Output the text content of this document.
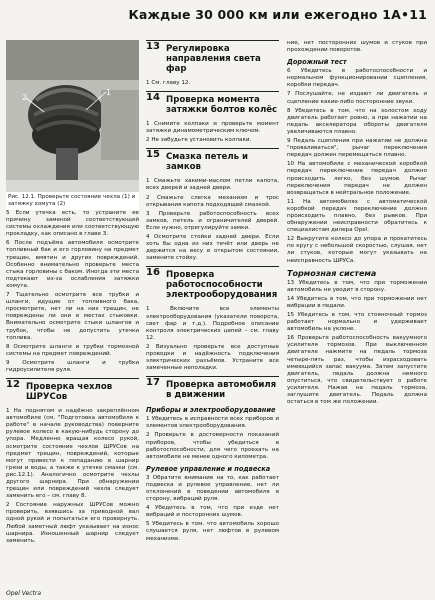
Каждые 30 000 км или ежегодно 1А•11
1
2
Рис. 12.1. Проверьте состояние чехла (1) и затяжку хомута (2)

5 Если утечка есть, то устраните ее причину заменой соответствующей системы охлаждения или соответствующую прокладку, как описано в главе 3.

6 После подъёма автомобиля осмотрите топливный бак и его горловину на предмет трещин, вмятин и других повреждений. Особенно внимательно проверьте места стыка горловины с баком. Иногда эти места подтекают из-за ослабления затяжки хомута.

7 Тщательно осмотрите все трубки и шланги, идущие от топливного бака, просмотрите, нет ли на них трещин, не повреждены ли они в местах стыковки. Внимательно осмотрите стыки шлангов и трубок, чтобы не допустить утечки топлива.

8 Осмотрите шланги и трубки тормозной системы на предмет повреждений.

9 Осмотрите шланги и трубки гидроусилителя руля.

12 Проверка чехлов ШРУСов

1 На поднятом и надёжно закреплённом автомобиле (см. "Подготовка автомобиля к работе" в начале руководства) поверните рулевое колесо в какую-нибудь сторону до упора. Медленно вращая колесо рукой, осмотрите состояние чехлов ШРУСов на предмет трещин, повреждений, которые могут привести к попаданию в шарнир грязи и воды, а также к утечке смазки (см. рис.12.1). Аналогично осмотрите чехлы другого шарнира. При обнаружении трещин или повреждений чехла следует заменить его – см. главу 8.

2 Состояние наружных ШРУСов можно проверить, взявшись за приводной вал одной рукой и попытаться его провернуть. Любой заметный люфт указывает на износ шарнира. Изношенный шарнир следует заменить.

13 Регулировка направления света фар

1 См. главу 12.

14 Проверка момента затяжки болтов колёс

1 Снимите колпаки и проверьте момент затяжки динамометрическим ключом.

2 Не забудьте установить колпаки.

15 Смазка петель и замков

1 Смажьте хакими-маслом петли капота, всех дверей и задней двери.

2 Смажьте слегка механизм и трос открывания капота подходящей смазкой.

3 Проверьте работоспособность всех замков, петель и ограничителей дверей. Если нужно, отрегулируйте замки.

4 Осмотрите стойки задней двери. Если хоть бы одна из них течёт или дверь не держится на весу в открытом состоянии, замените стойку.

16 Проверка работоспособности электрооборудования

1 Включите все элементы электрооборудования (указатели поворота, свет фар и т.д.). Подробное описание контроля электрических цепей – см. главу 12.

2 Визуально проверьте все доступные проводки и надёжность подключения электрических разъёмов. Устраните все замеченные неполадки.

17 Проверка автомобиля в движении
Приборы и электрооборудование

1 Убедитесь в исправности всех приборов и элементов электрооборудования.

2 Проверьте в достоверности показаний приборов, чтобы убедиться в работоспособности, для чего проехать на автомобиле не менее одного километра.

Рулевое управление и подвеска

3 Обратите внимание на то, как работает подвеска и рулевое управление, нет ли отклонений в поведении автомобиля в сторону, вибраций руля.

4 Убедитесь в том, что при езде нет вибраций и посторонних шумов.

5 Убедитесь в том, что автомобиль хорошо слушается руля, нет люфтов в рулевом механизме.

ние, нет посторонних шумов и стуков при прохождении поворотов.

Дорожный тест

6 Убедитесь в работоспособности и нормальном функционировании сцепления, коробки передач.

7 Послушайте, не издают ли двигатель и сцепление какие-либо посторонние звуки.

8 Убедитесь в том, что на холостом ходу двигатель работает ровно, а при нажатии на педаль акселератора обороты двигателя увеличиваются плавно.

9 Педаль сцепления при нажатии не должна "проваливаться", рычаг переключения передач должен перемещаться плавно.

10 На автомобиле с механической коробкой передач переключение передач должно происходить легко, без шумов. Рычаг переключения передач не должен возвращаться в нейтральное положение.

11 На автомобилях с автоматической коробкой передач переключение должно происходить плавно, без рывков. При обнаружении неисправности обратитесь к специалистам дилера Opel.

12 Выкрутите колесо до упора и прокатитесь по кругу с небольшой скоростью, слушая, нет ли стуков, которые могут указывать на неисправность ШРУСа.

Тормозная система

13 Убедитесь в том, что при торможении автомобиль не уводит в сторону.

14 Убедитесь в том, что при торможении нет вибрации в педали.

15 Убедитесь в том, что стояночный тормоз работает нормально и удерживает автомобиль на уклоне.

16 Проверьте работоспособность вакуумного усилителя тормозов. При выключенном двигателе нажмите на педаль тормоза четыре-пять раз, чтобы израсходовать имеющийся запас вакуума. Затем запустите двигатель, педаль должна немного опуститься, что свидетельствует о работе усилителя. Нажав на педаль тормоза, заглушите двигатель. Педаль должна остаться в том же положении.

Opel Vectra
